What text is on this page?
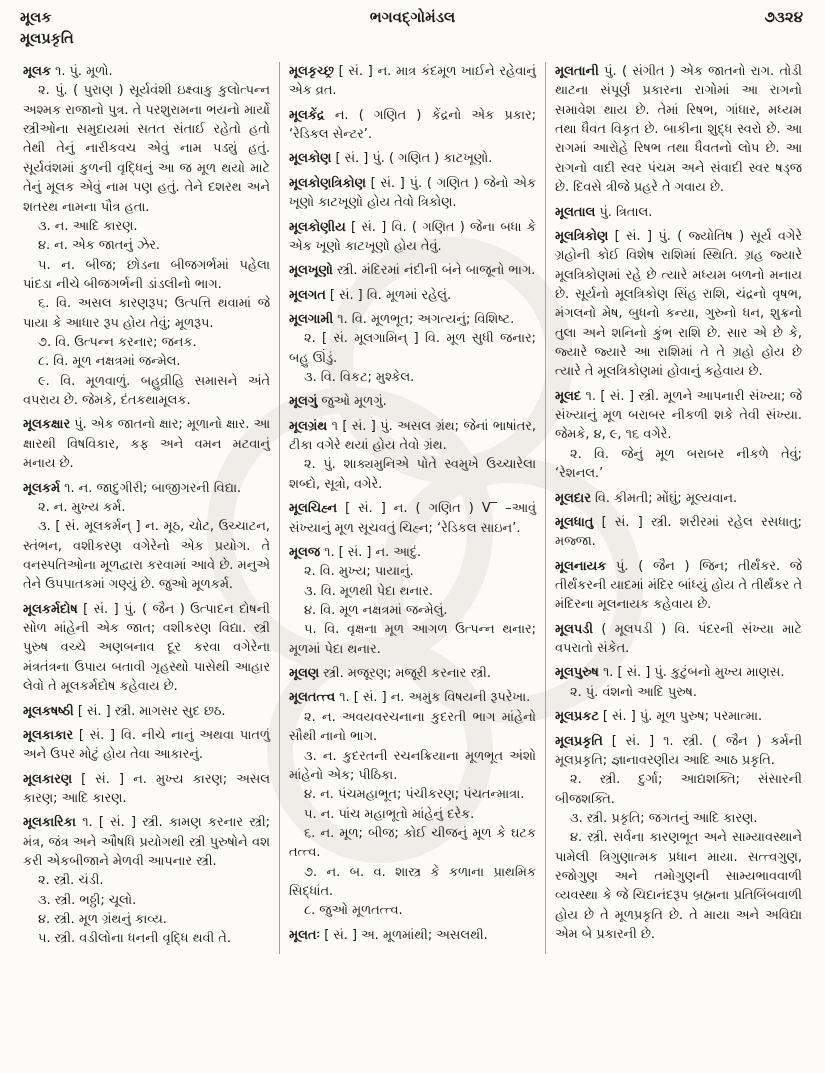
મૂલક
મૂલપ્રકૃતિ
ભગવદ્ગોમંડલ	૭૩૨૪

મૂલક ૧. પું. મૂળો.

૨. પું. ( પુરાણ ) સૂર્યવંશી ઇક્ષ્વાકુ કુલોત્પન્ન અશ્મક રાજાનો પુત્ર. તે પરશુરામના ભયનો માર્યો સ્ત્રીઓના સમુદાયમાં સતત સંતાઈ રહેતો હતો તેથી તેનું નારીકવચ એવું નામ પડ્યું હતું. સૂર્યવંશમાં કુળની વૃદ્ધિનું આ જ મૂળ થયો માટે તેનું મૂલક એવું નામ પણ હતું. તેને દશરથ અને શતરથ નામના પૌત્ર હતા.

૩. ન. આદિ કારણ.

૪. ન. એક જાતનું ઝેર.

૫. ન. બીજ; છોડના બીજગર્ભમાં પહેલા પાંદડા નીચે બીજગર્ભની ડાંડલીનો ભાગ.

૬. વિ. અસલ કારણરૂપ; ઉત્પત્તિ થવામાં જે પાયા કે આધાર રૂપ હોય તેવું; મૂળરૂપ.

૭. વિ. ઉત્પન્ન કરનાર; જનક.

૮. વિ. મૂળ નક્ષત્રમાં જન્મેલ.

૯. વિ. મૂળવાળું. બહુવ્રીહિ સમાસને અંતે વપરાય છે. જેમકે, દંતકથામૂલક.

મૂલકક્ષાર પું. એક જાતનો ક્ષાર; મૂળાનો ક્ષાર. આ ક્ષારથી વિષવિકાર, કફ અને વમન મટવાનું મનાય છે.

મૂલકર્મ ૧. ન. જાદુગીરી; બાજીગરની વિદ્યા.

૨. ન. મુખ્ય કર્મ.

૩. [ સં. મૂલકર્મન્ ] ન. મૂઠ, ચોટ, ઉચ્ચાટન, સ્તંભન, વશીકરણ વગેરેનો એક પ્રયોગ. તે વનસ્પતિઓના મૂળદ્વારા કરવામાં આવે છે. મનુએ તેને ઉપપાતકમાં ગણ્યું છે. જુઓ મૂળકર્મ.

મૂલકર્મદોષ [ સં. ] પું. ( જૈન ) ઉત્પાદન દોષની સોળ માંહેની એક જાત; વશીકરણ વિદ્યા. સ્ત્રી પુરુષ વચ્ચે અણબનાવ દૂર કરવા વગેરેના મંત્રતંત્રના ઉપાય બતાવી ગૃહસ્થો પાસેથી આહાર લેવો તે મૂલકર્મદોષ કહેવાય છે.

મૂલકષષ્ઠી [ સં. ] સ્ત્રી. માગસર સુદ છઠ.

મૂલકાકાર [ સં. ] વિ. નીચે નાનું અથવા પાતળું અને ઉપર મોટું હોય તેવા આકારનું.

મૂલકારણ [ સં. ] ન. મુખ્ય કારણ; અસલ કારણ; આદિ કારણ.

મૂલકારિકા ૧. [ સં. ] સ્ત્રી. કામણ કરનાર સ્ત્રી; મંત્ર, જંત્ર અને ઔષધિ પ્રયોગથી સ્ત્રી પુરુષોને વશ કરી એકબીજાને મેળવી આપનાર સ્ત્રી.

૨. સ્ત્રી. ચંડી.

૩. સ્ત્રી. ભઠ્ઠી; ચૂલો.

૪. સ્ત્રી. મૂળ ગ્રંથનું કાવ્ય.

૫. સ્ત્રી. વડીલોના ધનની વૃદ્ધિ થવી તે.

મૂલકૃચ્છ્ર [ સં. ] ન. માત્ર કંદમૂળ ખાઈને રહેવાનું એક વ્રત.

મૂલકેંદ્ર ન. ( ગણિત ) કેંદ્રનો એક પ્રકાર; ‘રેડિકલ સેન્ટર’.

મૂલકોણ [ સં. ] પું. ( ગણિત ) કાટખૂણો.

મૂલકોણત્રિકોણ [ સં. ] પું. ( ગણિત ) જેનો એક ખૂણો કાટખૂણો હોય તેવો ત્રિકોણ.

મૂલકોણીય [ સં. ] વિ. ( ગણિત ) જેના બધા કે એક ખૂણો કાટખૂણો હોય તેવું.

મૂલખૂણો સ્ત્રી. મંદિરમાં નંદીની બંને બાજૂનો ભાગ.

મૂલગત [ સં. ] વિ. મૂળમાં રહેલું.

મૂલગામી ૧. વિ. મૂળભૂત; અગત્યનું; વિશિષ્ટ.

૨. [ સં. મૂલગામિન્ ] વિ. મૂળ સુધી જનાર; બહુ ઊંડું.

૩. વિ. વિકટ; મુશ્કેલ.

મૂલગું જુઓ મૂળગું.

મૂલગ્રંથ ૧ [ સં. ] પું. અસલ ગ્રંથ; જેનાં ભાષાંતર, ટીકા વગેરે થયાં હોય તેવો ગ્રંથ.

૨. પું. શાક્યમુનિએ પોતે સ્વમુખે ઉચ્ચારેલા શબ્દો, સૂત્રો, વગેરે.

મૂલચિહ્ન [ સં. ] ન. ( ગણિત ) V‾ –આવું સંખ્યાનું મૂળ સૂચવતું ચિહ્ન; ‘રેડિકલ સાઇન’.

મૂલજ ૧. [ સં. ] ન. આદું.

૨. વિ. મુખ્ય; પાયાનું.

૩. વિ. મૂળથી પેદા થનાર.

૪. વિ. મૂળ નક્ષત્રમાં જન્મેલું.

૫. વિ. વૃક્ષના મૂળ આગળ ઉત્પન્ન થનાર; મૂળમાં પેદા થનાર.

મૂલણ સ્ત્રી. મજૂરણ; મજૂરી કરનાર સ્ત્રી.

મૂલતત્ત્વ ૧. [ સં. ] ન. અમુક વિષયની રૂપરેખા.

૨. ન. અવયવરચનાના કુદરતી ભાગ માંહેનો સૌથી નાનો ભાગ.

૩. ન. કુદરતની રચનક્રિયાના મૂળભૂત અંશો માંહેનો એક; પીઠિકા.

૪. ન. પંચમહાભૂત; પંચીકરણ; પંચતન્માત્રા.

૫. ન. પાંચ મહાભૂતો માંહેનું દરેક.

૬. ન. મૂળ; બીજ; કોઈ ચીજનું મૂળ કે ઘટક તત્ત્વ.

૭. ન. બ. વ. શાસ્ત્ર કે કળાના પ્રાથમિક સિદ્ધાંત.

૮. જુઓ મૂળતત્ત્વ.

મૂલતઃ [ સં. ] અ. મૂળમાંથી; અસલથી.

મૂલતાની પું. ( સંગીત ) એક જાતનો રાગ. તોડી થાટના સંપૂર્ણ પ્રકારના રાગોમાં આ રાગનો સમાવેશ થાય છે. તેમાં રિષભ, ગાંધાર, મધ્યમ તથા ધૈવત વિકૃત છે. બાકીના શુદ્ધ સ્વરો છે. આ રાગમાં આરોહે રિષભ તથા ધૈવતનો લોપ છે. આ રાગનો વાદી સ્વર પંચમ અને સંવાદી સ્વર ષડ્જ છે. દિવસે ત્રીજે પ્રહરે તે ગવાય છે.

મૂલતાલ પું. ત્રિતાલ.

મૂલત્રિકોણ [ સં. ] પું. ( જ્યોતિષ ) સૂર્ય વગેરે ગ્રહોની કોઈ વિશેષ રાશિમાં સ્થિતિ. ગ્રહ જ્યારે મૂલત્રિકોણમાં રહે છે ત્યારે મધ્યમ બળનો મનાય છે. સૂર્યનો મૂલત્રિકોણ સિંહ રાશિ, ચંદ્રનો વૃષભ, મંગલનો મેષ, બુધનો કન્યા, ગુરુનો ધન, શુક્રનો તુલા અને શનિનો કુંભ રાશિ છે. સાર એ છે કે, જ્યારે જ્યારે આ રાશિમાં તે તે ગ્રહો હોય છે ત્યારે તે મૂલત્રિકોણમાં હોવાનું કહેવાય છે.

મૂલદ ૧. [ સં. ] સ્ત્રી. મૂળને આપનારી સંખ્યા; જે સંખ્યાનું મૂળ બરાબર નીકળી શકે તેવી સંખ્યા. જેમકે, ૪, ૯, ૧૬ વગેરે.

૨. વિ. જેનું મૂળ બરાબર નીકળે તેવું; ‘રેશનલ.’

મૂલદાર વિ. કીમતી; મોંઘું; મૂલ્યવાન.

મૂલધાતુ [ સં. ] સ્ત્રી. શરીરમાં રહેલ રસધાતુ; મજ્જા.

મૂલનાયક પું. ( જૈન ) જિન; તીર્થંકર. જે તીર્થંકરની યાદમાં મંદિર બાંધ્યું હોય તે તીર્થંકર તે મંદિરના મૂલનાયક કહેવાય છે.

મૂલપડી ( મૂલપડી ) વિ. પંદરની સંખ્યા માટે વપરાતો સંકેત.

મૂલપુરુષ ૧. [ સં. ] પું. કુટુંબનો મુખ્ય માણસ.

૨. પું. વંશનો આદિ પુરુષ.

મૂલપ્રકટ [ સં. ] પું. મૂળ પુરુષ; પરમાત્મા.

મૂલપ્રકૃતિ [ સં. ] ૧. સ્ત્રી. ( જૈન ) કર્મની મૂલપ્રકૃતિ; જ્ઞાનાવરણીય આદિ આઠ પ્રકૃતિ.

૨. સ્ત્રી. દુર્ગા; આદ્યશક્તિ; સંસારની બીજશક્તિ.

૩. સ્ત્રી. પ્રકૃતિ; જગતનું આદિ કારણ.

૪. સ્ત્રી. સર્વના કારણભૂત અને સામ્યાવસ્થાને પામેલી ત્રિગુણાત્મક પ્રધાન માયા. સત્ત્વગુણ, રજોગુણ અને તમોગુણની સામ્યભાવવાળી વ્યવસ્થા કે જે ચિદાનંદરૂપ બ્રહ્મના પ્રતિબિંબવાળી હોય છે તે મૂળપ્રકૃતિ છે. તે માયા અને અવિદ્યા એમ બે પ્રકારની છે.
